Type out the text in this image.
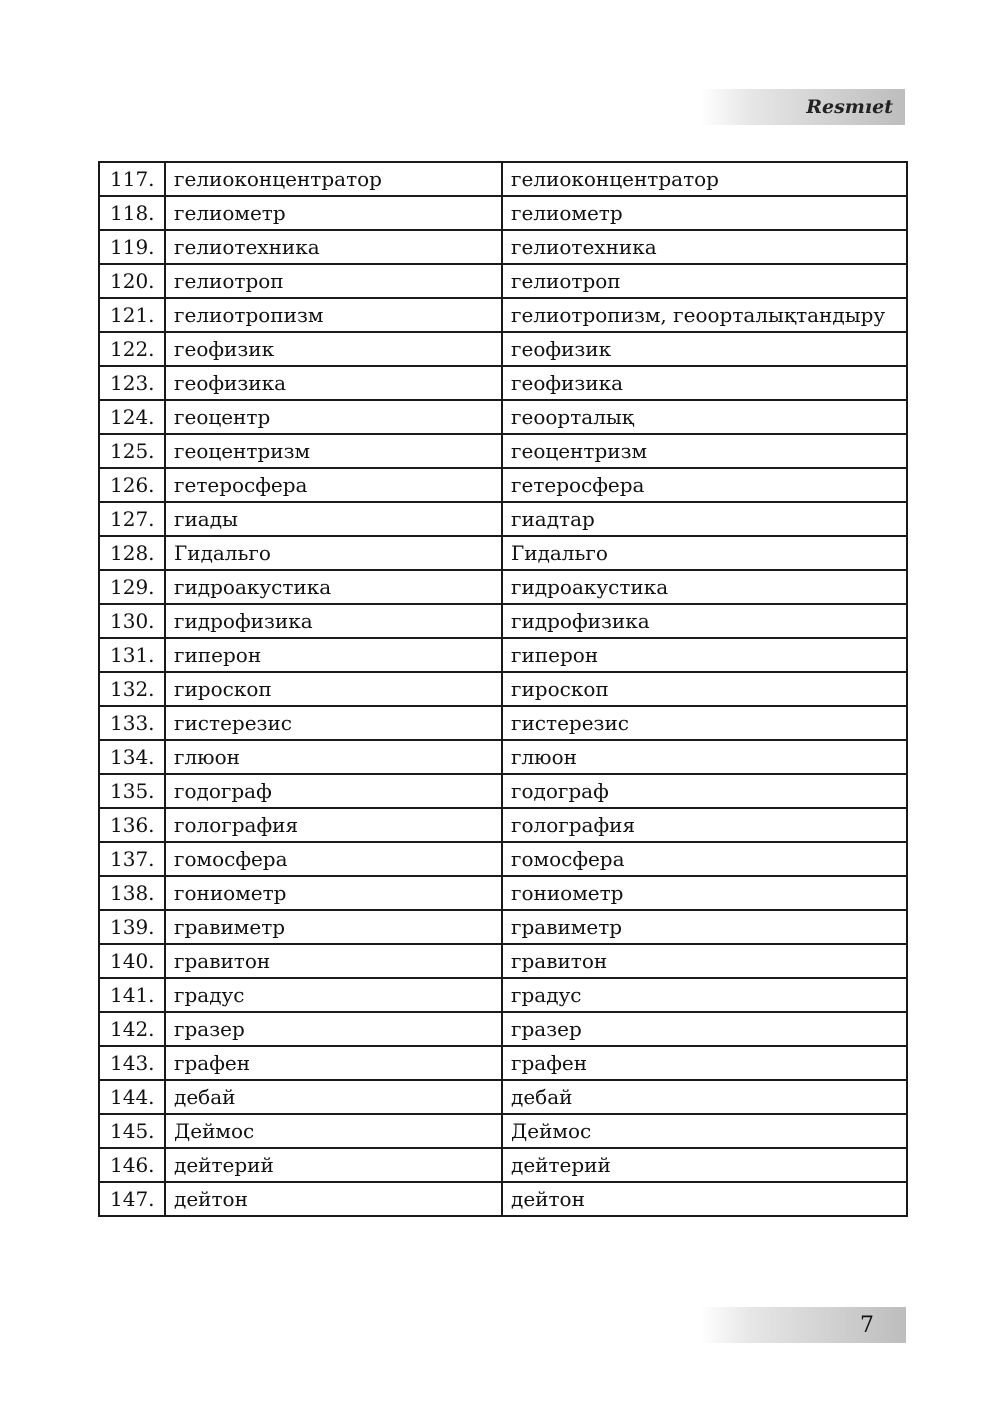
Resmıet
117.	гелиоконцентратор	гелиоконцентратор
118.	гелиометр	гелиометр
119.	гелиотехника	гелиотехника
120.	гелиотроп	гелиотроп
121.	гелиотропизм	гелиотропизм, геоорталықтандыру
122.	геофизик	геофизик
123.	геофизика	геофизика
124.	геоцентр	геоорталық
125.	геоцентризм	геоцентризм
126.	гетеросфера	гетеросфера
127.	гиады	гиадтар
128.	Гидальго	Гидальго
129.	гидроакустика	гидроакустика
130.	гидрофизика	гидрофизика
131.	гиперон	гиперон
132.	гироскоп	гироскоп
133.	гистерезис	гистерезис
134.	глюон	глюон
135.	годограф	годограф
136.	голография	голография
137.	гомосфера	гомосфера
138.	гониометр	гониометр
139.	гравиметр	гравиметр
140.	гравитон	гравитон
141.	градус	градус
142.	гразер	гразер
143.	графен	графен
144.	дебай	дебай
145.	Деймос	Деймос
146.	дейтерий	дейтерий
147.	дейтон	дейтон
7
